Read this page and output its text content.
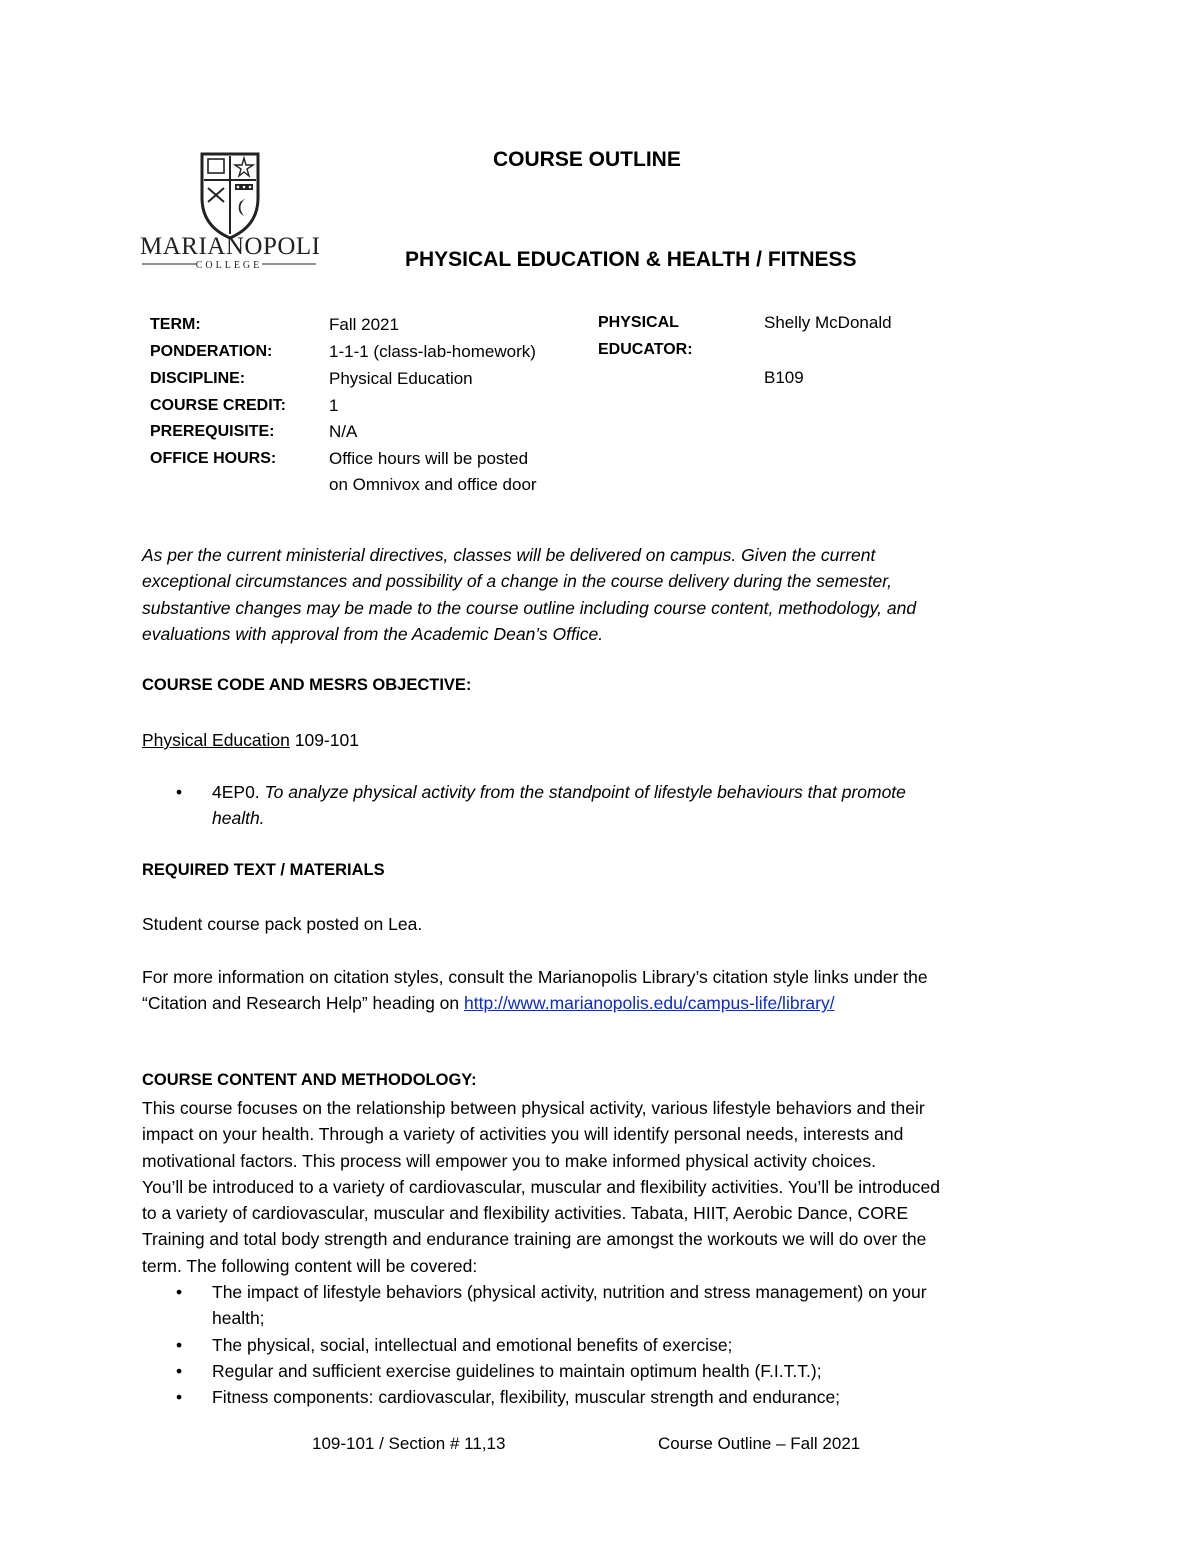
MARIANOPOLIS
COLLEGE
COURSE OUTLINE
PHYSICAL EDUCATION & HEALTH / FITNESS
TERM:	Fall 2021
PONDERATION:	1-1-1 (class-lab-homework)
DISCIPLINE:	Physical Education
COURSE CREDIT:	1
PREREQUISITE:	N/A
OFFICE HOURS:	Office hours will be posted
on Omnivox and office door
PHYSICAL
EDUCATOR:
Shelly McDonald
B109
As per the current ministerial directives, classes will be delivered on campus. Given the current
exceptional circumstances and possibility of a change in the course delivery during the semester,
substantive changes may be made to the course outline including course content, methodology, and
evaluations with approval from the Academic Dean’s Office.
COURSE CODE AND MESRS OBJECTIVE:
Physical Education 109-101
• 4EP0. To analyze physical activity from the standpoint of lifestyle behaviours that promote
health.
REQUIRED TEXT / MATERIALS
Student course pack posted on Lea.
For more information on citation styles, consult the Marianopolis Library’s citation style links under the
“Citation and Research Help” heading on http://www.marianopolis.edu/campus-life/library/
COURSE CONTENT AND METHODOLOGY:
This course focuses on the relationship between physical activity, various lifestyle behaviors and their
impact on your health. Through a variety of activities you will identify personal needs, interests and
motivational factors. This process will empower you to make informed physical activity choices.
You’ll be introduced to a variety of cardiovascular, muscular and flexibility activities. You’ll be introduced
to a variety of cardiovascular, muscular and flexibility activities. Tabata, HIIT, Aerobic Dance, CORE
Training and total body strength and endurance training are amongst the workouts we will do over the
term. The following content will be covered:
• The impact of lifestyle behaviors (physical activity, nutrition and stress management) on your
health;
• The physical, social, intellectual and emotional benefits of exercise;
• Regular and sufficient exercise guidelines to maintain optimum health (F.I.T.T.);
• Fitness components: cardiovascular, flexibility, muscular strength and endurance;
109-101 / Section # 11,13	Course Outline – Fall 2021
